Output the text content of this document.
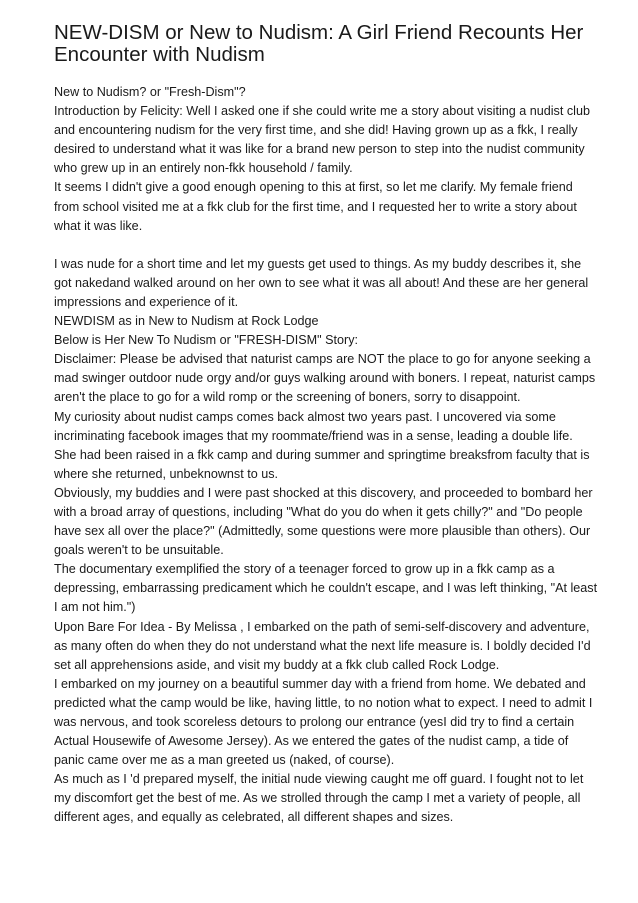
NEW-DISM or New to Nudism: A Girl Friend Recounts Her Encounter with Nudism

New to Nudism? or "Fresh-Dism"?

Introduction by Felicity: Well I asked one if she could write me a story about visiting a nudist club and encountering nudism for the very first time, and she did! Having grown up as a fkk, I really desired to understand what it was like for a brand new person to step into the nudist community who grew up in an entirely non-fkk household / family.

It seems I didn't give a good enough opening to this at first, so let me clarify. My female friend from school visited me at a fkk club for the first time, and I requested her to write a story about what it was like.

I was nude for a short time and let my guests get used to things. As my buddy describes it, she got nakedand walked around on her own to see what it was all about! And these are her general impressions and experience of it.

NEWDISM as in New to Nudism at Rock Lodge

Below is Her New To Nudism or "FRESH-DISM" Story:

Disclaimer: Please be advised that naturist camps are NOT the place to go for anyone seeking a mad swinger outdoor nude orgy and/or guys walking around with boners. I repeat, naturist camps aren't the place to go for a wild romp or the screening of boners, sorry to disappoint.

My curiosity about nudist camps comes back almost two years past. I uncovered via some incriminating facebook images that my roommate/friend was in a sense, leading a double life. She had been raised in a fkk camp and during summer and springtime breaksfrom faculty that is where she returned, unbeknownst to us.

Obviously, my buddies and I were past shocked at this discovery, and proceeded to bombard her with a broad array of questions, including "What do you do when it gets chilly?" and "Do people have sex all over the place?" (Admittedly, some questions were more plausible than others). Our goals weren't to be unsuitable.

The documentary exemplified the story of a teenager forced to grow up in a fkk camp as a depressing, embarrassing predicament which he couldn't escape, and I was left thinking, "At least I am not him.")

Upon Bare For Idea - By Melissa , I embarked on the path of semi-self-discovery and adventure, as many often do when they do not understand what the next life measure is. I boldly decided I'd set all apprehensions aside, and visit my buddy at a fkk club called Rock Lodge.

I embarked on my journey on a beautiful summer day with a friend from home. We debated and predicted what the camp would be like, having little, to no notion what to expect. I need to admit I was nervous, and took scoreless detours to prolong our entrance (yesI did try to find a certain Actual Housewife of Awesome Jersey). As we entered the gates of the nudist camp, a tide of panic came over me as a man greeted us (naked, of course).

As much as I 'd prepared myself, the initial nude viewing caught me off guard. I fought not to let my discomfort get the best of me. As we strolled through the camp I met a variety of people, all different ages, and equally as celebrated, all different shapes and sizes.
